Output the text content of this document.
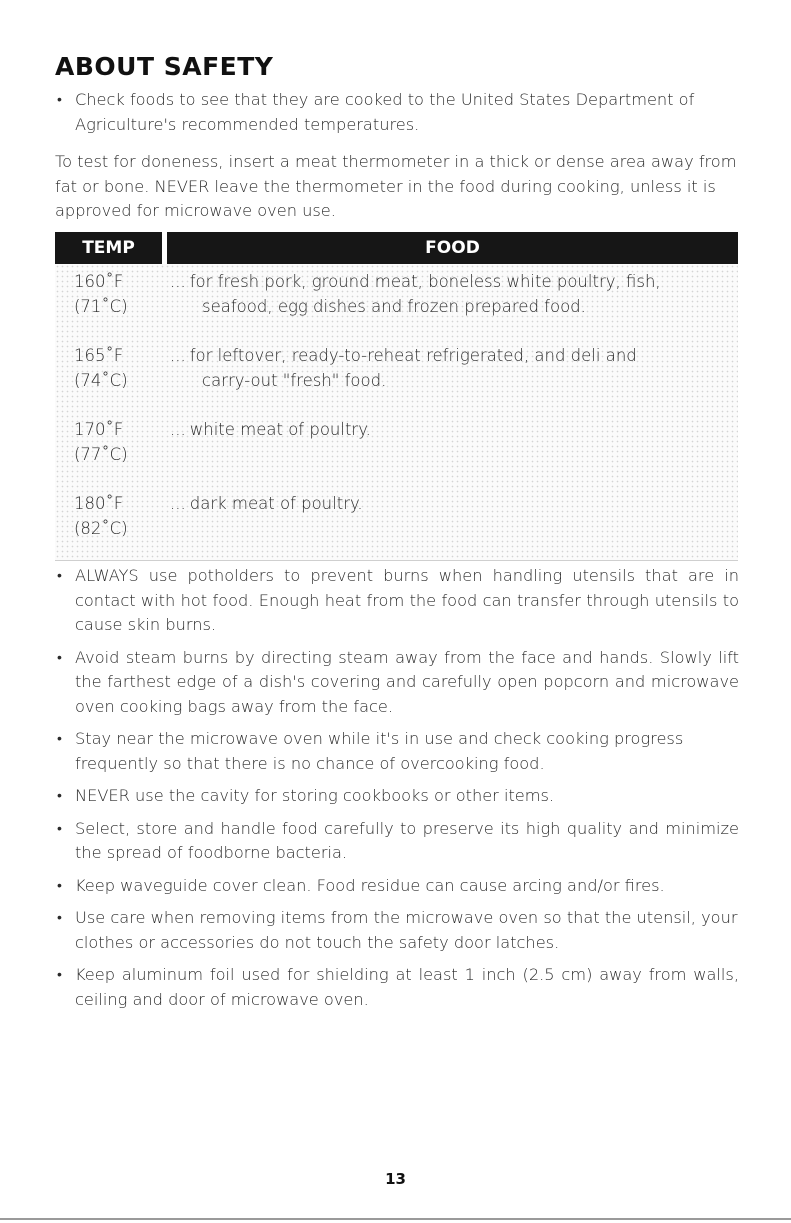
ABOUT SAFETY
• Check foods to see that they are cooked to the United States Department of Agriculture's recommended temperatures.

To test for doneness, insert a meat thermometer in a thick or dense area away from fat or bone. NEVER leave the thermometer in the food during cooking, unless it is approved for microwave oven use.

TEMP	FOOD
160˚F
(71˚C)
... for fresh pork, ground meat, boneless white poultry, fish,
seafood, egg dishes and frozen prepared food.
165˚F
(74˚C)
... for leftover, ready-to-reheat refrigerated, and deli and
carry-out "fresh" food.
170˚F
(77˚C)
... white meat of poultry.
180˚F
(82˚C)
... dark meat of poultry.
• ALWAYS use potholders to prevent burns when handling utensils that are in contact with hot food. Enough heat from the food can transfer through utensils to cause skin burns.
• Avoid steam burns by directing steam away from the face and hands. Slowly lift the farthest edge of a dish's covering and carefully open popcorn and microwave oven cooking bags away from the face.
• Stay near the microwave oven while it's in use and check cooking progress frequently so that there is no chance of overcooking food.
• NEVER use the cavity for storing cookbooks or other items.
• Select, store and handle food carefully to preserve its high quality and minimize the spread of foodborne bacteria.
• Keep waveguide cover clean. Food residue can cause arcing and/or fires.
• Use care when removing items from the microwave oven so that the utensil, your clothes or accessories do not touch the safety door latches.
• Keep aluminum foil used for shielding at least 1 inch (2.5 cm) away from walls, ceiling and door of microwave oven.
13
